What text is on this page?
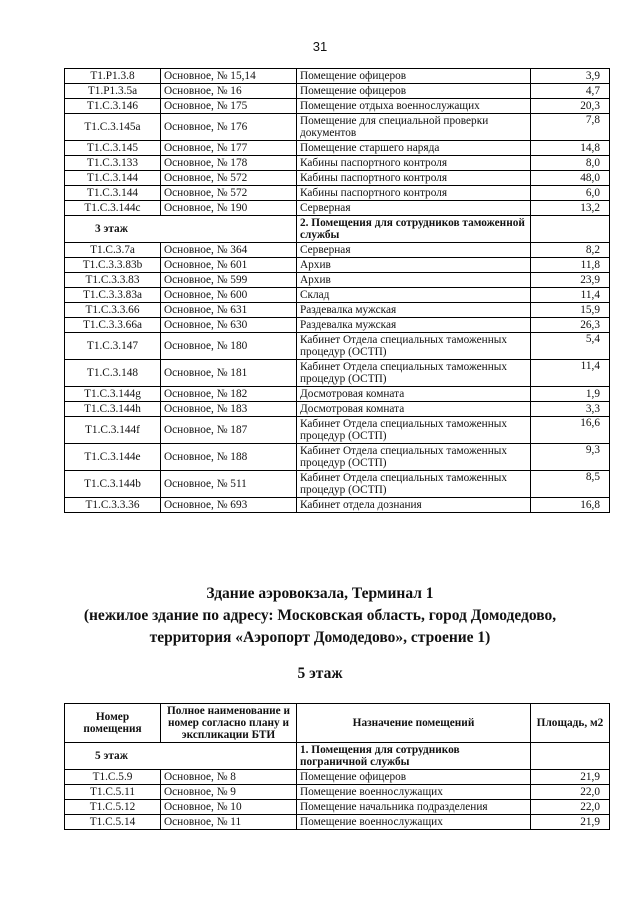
31
T1.P1.3.8	Основное, № 15,14	Помещение офицеров	3,9
T1.P1.3.5a	Основное, № 16	Помещение офицеров	4,7
T1.C.3.146	Основное, № 175	Помещение отдыха военнослужащих	20,3
T1.C.3.145a	Основное, № 176	Помещение для специальной проверки документов	7,8
T1.C.3.145	Основное, № 177	Помещение старшего наряда	14,8
T1.C.3.133	Основное, № 178	Кабины паспортного контроля	8,0
T1.C.3.144	Основное, № 572	Кабины паспортного контроля	48,0
T1.C.3.144	Основное, № 572	Кабины паспортного контроля	6,0
T1.C.3.144c	Основное, № 190	Серверная	13,2
3 этаж		2. Помещения для сотрудников таможенной службы	
T1.C.3.7a	Основное, № 364	Серверная	8,2
T1.C.3.3.83b	Основное, № 601	Архив	11,8
T1.C.3.3.83	Основное, № 599	Архив	23,9
T1.C.3.3.83a	Основное, № 600	Склад	11,4
T1.C.3.3.66	Основное, № 631	Раздевалка мужская	15,9
T1.C.3.3.66a	Основное, № 630	Раздевалка мужская	26,3
T1.C.3.147	Основное, № 180	Кабинет Отдела специальных таможенных процедур (ОСТП)	5,4
T1.C.3.148	Основное, № 181	Кабинет Отдела специальных таможенных процедур (ОСТП)	11,4
T1.C.3.144g	Основное, № 182	Досмотровая комната	1,9
T1.C.3.144h	Основное, № 183	Досмотровая комната	3,3
T1.C.3.144f	Основное, № 187	Кабинет Отдела специальных таможенных процедур (ОСТП)	16,6
T1.C.3.144e	Основное, № 188	Кабинет Отдела специальных таможенных процедур (ОСТП)	9,3
T1.C.3.144b	Основное, № 511	Кабинет Отдела специальных таможенных процедур (ОСТП)	8,5
T1.C.3.3.36	Основное, № 693	Кабинет отдела дознания	16,8
Здание аэровокзала, Терминал 1
(нежилое здание по адресу: Московская область, город Домодедово,
территория «Аэропорт Домодедово», строение 1)
5 этаж
Номер помещения	Полное наименование и номер согласно плану и экспликации БТИ	Назначение помещений	Площадь, м2
5 этаж		1. Помещения для сотрудников пограничной службы	
T1.C.5.9	Основное, № 8	Помещение офицеров	21,9
T1.C.5.11	Основное, № 9	Помещение военнослужащих	22,0
T1.C.5.12	Основное, № 10	Помещение начальника подразделения	22,0
T1.C.5.14	Основное, № 11	Помещение военнослужащих	21,9
